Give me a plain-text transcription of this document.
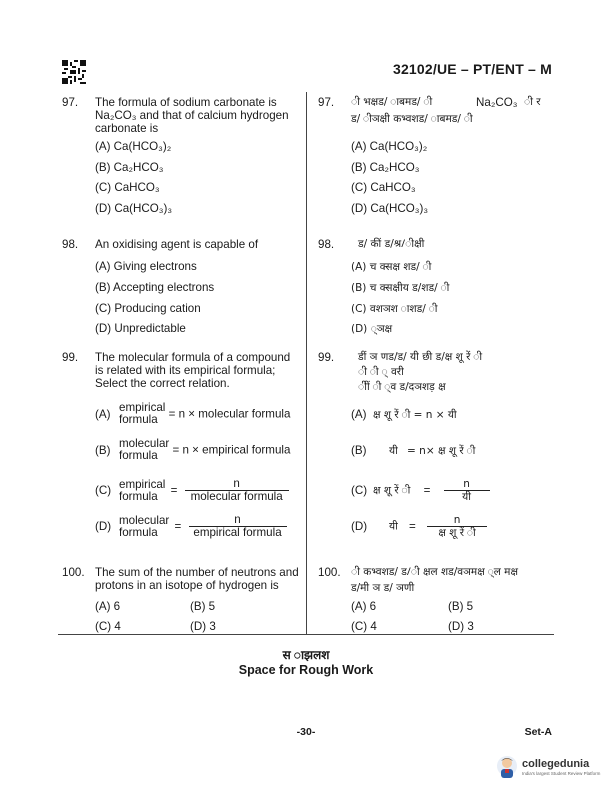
32102/UE – PT/ENT – M
97. The formula of sodium carbonate is Na₂CO₃ and that of calcium hydrogen carbonate is
(A) Ca(HCO₃)₂
(B) Ca₂HCO₃
(C) CaHCO₃
(D) Ca(HCO₃)₃
98. An oxidising agent is capable of
(A) Giving electrons
(B) Accepting electrons
(C) Producing cation
(D) Unpredictable
99. The molecular formula of a compound is related with its empirical formula; Select the correct relation.
(A) empirical
formula = n × molecular formula
(B) molecular
formula	= n × empirical formula
(C) empirical
formula	= $\frac{n}{\text{molecular formula}}$
(D) molecular
formula	= $\frac{n}{\text{empirical formula}}$
100. The sum of the number of neutrons and protons in an isotope of hydrogen is
(A) 6	(B) 5
(C) 4	(D) 3
97. ी भक्षड/ ाबमड/ ी	Na₂CO₃ ी र
ड/ ीञक्षी कभ्वशड/ ाबमड/ ी
(A) Ca(HCO₃)₂
(B) Ca₂HCO₃
(C) CaHCO₃
(D) Ca(HCO₃)₃
98. ड/ कीं ड/श्र/ीक्षी
(A) च क्सक्ष शड/ ी
(B) च क्सक्षीय ड/शड/ ी
(C) वशञश ाशड/ ी
(D) ्ञक्ष
99. डीं ञ णड/ड/ यी छी ड/क्ष शू रें ी
ी ी ् वरी
ीीं ी ्व ड/दञशड़ क्ष
(A) क्ष शू रें ी = n × यी
(B) यी = n× क्ष शू रें ी
(C) क्ष शू रें ी = $\frac{n}{\text{यी}}$
(D) यी = $\frac{n}{\text{क्ष शू रें ी}}$
100. ी कभ्वशड/ ड/ी क्षल शड/वञमक्ष ्ल मक्ष
ड/मी ञ ड/ ञणी
(A) 6	(B) 5
(C) 4	(D) 3
स ाझलश
Space for Rough Work
-30-	Set-A
collegedunia
India's largest Student Review Platform
